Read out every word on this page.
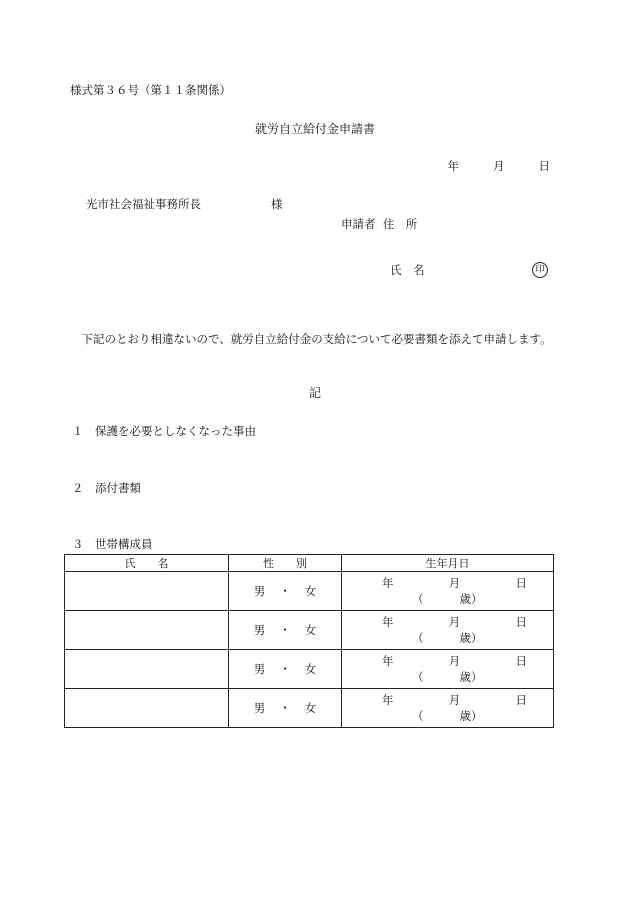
様式第３６号（第１１条関係）
就労自立給付金申請書
年	月	日
光市社会福祉事務所長	様
申請者 住　所
氏　名	印
下記のとおり相違ないので、就労自立給付金の支給について必要書類を添えて申請します。
記
１ 保護を必要としなくなった事由
２ 添付書類
３ 世帯構成員
氏　　名	性　　別	生年月日
	男 ・ 女	年 月 日
（ 歳）

	男 ・ 女	年 月 日
（ 歳）

	男 ・ 女	年 月 日
（ 歳）

	男 ・ 女	年 月 日
（ 歳）
